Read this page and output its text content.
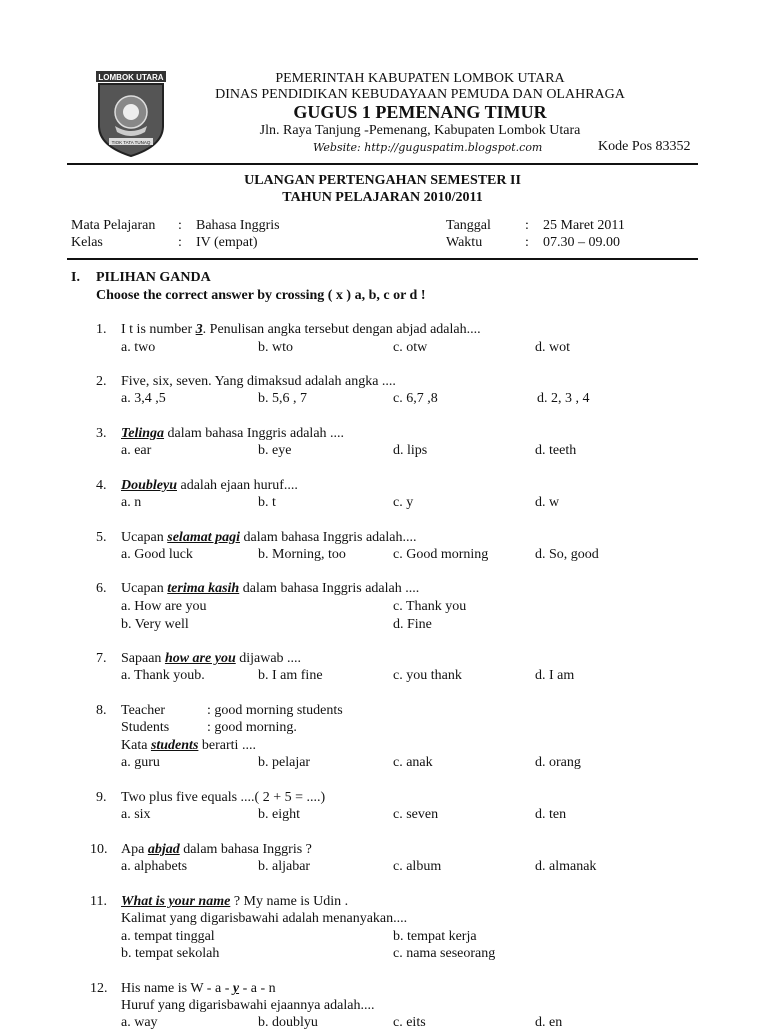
LOMBOK UTARA
TIOK TATA TUNAQ
PEMERINTAH KABUPATEN LOMBOK UTARA
DINAS PENDIDIKAN KEBUDAYAAN PEMUDA DAN OLAHRAGA
GUGUS 1 PEMENANG TIMUR
Jln. Raya Tanjung -Pemenang, Kabupaten Lombok Utara
Website: http://guguspatim.blogspot.com	Kode Pos 83352
ULANGAN PERTENGAHAN SEMESTER II
TAHUN PELAJARAN 2010/2011
Mata Pelajaran : Bahasa Inggris	Tanggal : 25 Maret 2011
Kelas	: IV (empat)	Waktu	: 07.30 – 09.00
I. PILIHAN GANDA
Choose the correct answer by crossing ( x ) a, b, c or d !
1. I t is number 3. Penulisan angka tersebut dengan abjad adalah....
a. two	b. wto	c. otw	d. wot
2. Five, six, seven. Yang dimaksud adalah angka ....
a. 3,4 ,5	b. 5,6 , 7	c. 6,7 ,8	d. 2, 3 , 4
3. Telinga dalam bahasa Inggris adalah ....
a. ear	b. eye	d. lips	d. teeth
4. Doubleyu adalah ejaan huruf....
a. n	b. t	c. y	d. w
5. Ucapan selamat pagi dalam bahasa Inggris adalah....
a. Good luck	b. Morning, too	c. Good morning	d. So, good
6. Ucapan terima kasih dalam bahasa Inggris adalah ....
a. How are you	c. Thank you
b. Very well	d. Fine
7. Sapaan how are you dijawab ....
a. Thank youb.	b. I am fine	c. you thank	d. I am
8. Teacher	: good morning students
Students	: good morning.
Kata students berarti ....
a. guru	b. pelajar	c. anak	d. orang
9. Two plus five equals ....( 2 + 5 = ....)
a. six	b. eight	c. seven	d. ten
10. Apa abjad dalam bahasa Inggris ?
a. alphabets	b. aljabar	c. album	d. almanak
11. What is your name ? My name is Udin .
Kalimat yang digarisbawahi adalah menanyakan....
a. tempat tinggal	b. tempat kerja
b. tempat sekolah	c. nama seseorang
12. His name is W - a - y - a - n
Huruf yang digarisbawahi ejaannya adalah....
a. way	b. doublyu	c. eits	d. en
